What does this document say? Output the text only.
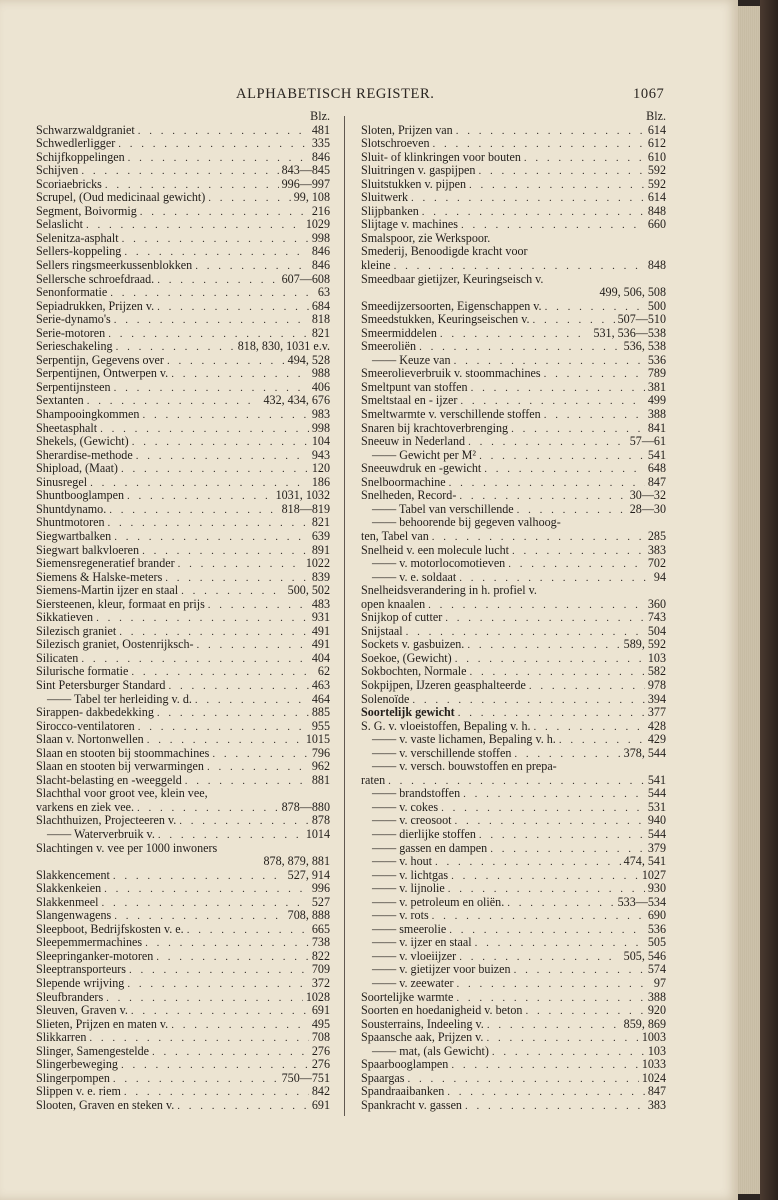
ALPHABETISCH REGISTER.	1067
Blz.
Schwarzwaldgraniet . . .	481
Schwedlerligger . . .	335
Schijfkoppelingen . . .	846
Schijven . . .	843—845
Scoriaebricks . . .	996—997
Scrupel, (Oud medicinaal gewicht) . . .	99, 108
Segment, Boivormig . . .	216
Selaslicht . . .	1029
Selenitza-asphalt . . .	998
Sellers-koppeling . . .	846
Sellers ringsmeerkussenblokken . . .	846
Sellersche schroefdraad. . . .	607—608
Senonformatie . . .	63
Sepiadrukken, Prijzen v. . . .	684
Serie-dynamo's . . .	818
Serie-motoren . . .	821
Serieschakeling . . .	818, 830, 1031 e.v.
Serpentijn, Gegevens over . . .	494, 528
Serpentijnen, Ontwerpen v. . . .	988
Serpentijnsteen . . .	406
Sextanten . . .	432, 434, 676
Shampooingkommen . . .	983
Sheetasphalt . . .	998
Shekels, (Gewicht) . . .	104
Sherardise-methode . . .	943
Shipload, (Maat) . . .	120
Sinusregel . . .	186
Shuntbooglampen . . .	1031, 1032
Shuntdynamo. . . .	818—819
Shuntmotoren . . .	821
Siegwartbalken . . .	639
Siegwart balkvloeren . . .	891
Siemensregeneratief brander . . .	1022
Siemens & Halske-meters . . .	839
Siemens-Martin ijzer en staal . . .	500, 502
Siersteenen, kleur, formaat en prijs . . .	483
Sikkatieven . . .	931
Silezisch graniet . . .	491
Silezisch graniet, Oostenrijksch- . . .	491
Silicaten . . .	404
Silurische formatie . . .	62
Sint Petersburger Standard . . .	463
—— Tabel ter herleiding v. d. . . .	464
Sirappen- dakbedekking . . .	885
Sirocco-ventilatoren . . .	955
Slaan v. Nortonwellen . . .	1015
Slaan en stooten bij stoommachines . . .	796
Slaan en stooten bij verwarmingen . . .	962
Slacht-belasting en -weeggeld . . .	881
Slachthal voor groot vee, klein vee,
varkens en ziek vee. . . .	878—880
Slachthuizen, Projecteeren v. . . .	878
—— Waterverbruik v. . . .	1014
Slachtingen v. vee per 1000 inwoners
878, 879, 881
Slakkencement . . .	527, 914
Slakkenkeien . . .	996
Slakkenmeel . . .	527
Slangenwagens . . .	708, 888
Sleepboot, Bedrijfskosten v. e. . . .	665
Sleepemmermachines . . .	738
Sleepringanker-motoren . . .	822
Sleeptransporteurs . . .	709
Slepende wrijving . . .	372
Sleufbranders . . .	1028
Sleuven, Graven v. . . .	691
Slieten, Prijzen en maten v. . . .	495
Slikkarren . . .	708
Slinger, Samengestelde . . .	276
Slingerbeweging . . .	276
Slingerpompen . . .	750—751
Slippen v. e. riem . . .	842
Slooten, Graven en steken v. . . .	691
Blz.
Sloten, Prijzen van . . .	614
Slotschroeven . . .	612
Sluit- of klinkringen voor bouten . . .	610
Sluitringen v. gaspijpen . . .	592
Sluitstukken v. pijpen . . .	592
Sluitwerk . . .	614
Slijpbanken . . .	848
Slijtage v. machines . . .	660
Smalspoor, zie Werkspoor.
Smederij, Benoodigde kracht voor
kleine . . .	848
Smeedbaar gietijzer, Keuringseisch v.
499, 506, 508
Smeedijzersoorten, Eigenschappen v. . . .	500
Smeedstukken, Keuringseischen v. . . .	507—510
Smeermiddelen . . .	531, 536—538
Smeeroliën . . .	536, 538
—— Keuze van . . .	536
Smeerolieverbruik v. stoommachines . . .	789
Smeltpunt van stoffen . . .	381
Smeltstaal en - ijzer . . .	499
Smeltwarmte v. verschillende stoffen . . .	388
Snaren bij krachtoverbrenging . . .	841
Sneeuw in Nederland . . .	57—61
—— Gewicht per M² . . .	541
Sneeuwdruk en -gewicht . . .	648
Snelboormachine . . .	847
Snelheden, Record- . . .	30—32
—— Tabel van verschillende . . .	28—30
—— behoorende bij gegeven valhoog-
ten, Tabel van . . .	285
Snelheid v. een molecule lucht . . .	383
—— v. motorlocomotieven . . .	702
—— v. e. soldaat . . .	94
Snelheidsverandering in h. profiel v.
open knaalen . . .	360
Snijkop of cutter . . .	743
Snijstaal . . .	504
Sockets v. gasbuizen. . . .	589, 592
Soekoe, (Gewicht) . . .	103
Sokbochten, Normale . . .	582
Sokpijpen, IJzeren geasphalteerde . . .	978
Solenoïde . . .	394
Soortelijk gewicht . . .	377
S. G. v. vloeistoffen, Bepaling v. h. . . .	428
—— v. vaste lichamen, Bepaling v. h. . . .	429
—— v. verschillende stoffen . . .	378, 544
—— v. versch. bouwstoffen en prepa-
raten . . .	541
—— brandstoffen . . .	544
—— v. cokes . . .	531
—— v. creosoot . . .	940
—— dierlijke stoffen . . .	544
—— gassen en dampen . . .	379
—— v. hout . . .	474, 541
—— v. lichtgas . . .	1027
—— v. lijnolie . . .	930
—— v. petroleum en oliën. . . .	533—534
—— v. rots . . .	690
—— smeerolie . . .	536
—— v. ijzer en staal . . .	505
—— v. vloeiijzer . . .	505, 546
—— v. gietijzer voor buizen . . .	574
—— v. zeewater . . .	97
Soortelijke warmte . . .	388
Soorten en hoedanigheid v. beton . . .	920
Sousterrains, Indeeling v. . . .	859, 869
Spaansche aak, Prijzen v. . . .	1003
—— mat, (als Gewicht) . . .	103
Spaarbooglampen . . .	1033
Spaargas . . .	1024
Spandraaibanken . . .	847
Spankracht v. gassen . . .	383
